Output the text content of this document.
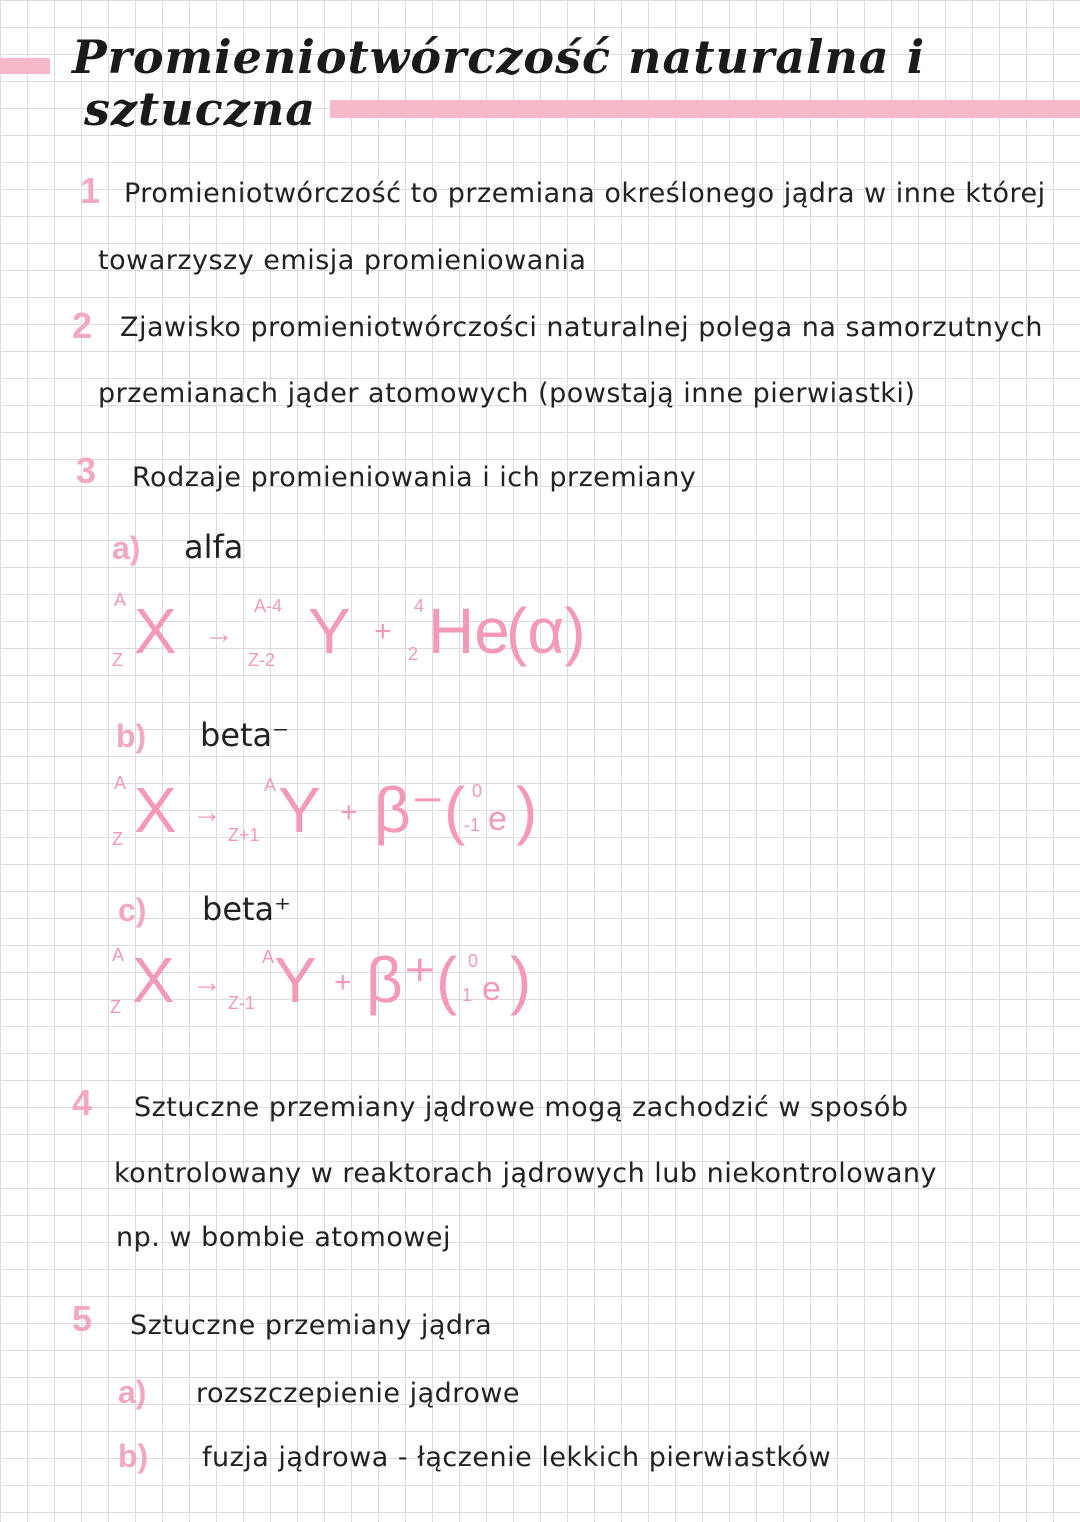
Promieniotwórczość naturalna i
sztuczna
1 Promieniotwórczość to przemiana określonego jądra w inne której
towarzyszy emisja promieniowania
2 Zjawisko promieniotwórczości naturalnej polega na samorzutnych
przemianach jąder atomowych (powstają inne pierwiastki)
3 Rodzaje promieniowania i ich przemiany
a) alfa
A
Z X →
A-4
Z-2 Y +
4
2 He
(α)
b) beta⁻
A
Z X →
A
Z+1 Y + β⁻ ( 0
-1 e )
c) beta⁺
A
Z X →
A
Z-1 Y + β⁺ ( 0
1 e )
4 Sztuczne przemiany jądrowe mogą zachodzić w sposób
kontrolowany w reaktorach jądrowych lub niekontrolowany
np. w bombie atomowej
5 Sztuczne przemiany jądra
a) rozszczepienie jądrowe
b) fuzja jądrowa - łączenie lekkich pierwiastków
